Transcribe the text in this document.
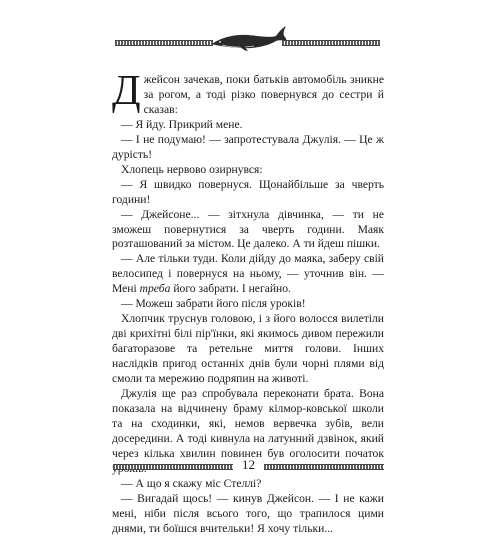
Джейсон зачекав, поки батьків автомобіль зникне за рогом, а тоді різко повернувся до сестри й сказав:

— Я йду. Прикрий мене.

— І не подумаю! — запротестувала Джулія. — Це ж дурість!

Хлопець нервово озирнувся:

— Я швидко повернуся. Щонайбільше за чверть години!

— Джейсоне... — зітхнула дівчинка, — ти не зможеш повернутися за чверть години. Маяк розташований за містом. Це далеко. А ти йдеш пішки.

— Але тільки туди. Коли дійду до маяка, заберу свій велосипед і повернуся на ньому, — уточнив він. — Мені треба його забрати. І негайно.

— Можеш забрати його після уроків!

Хлопчик труснув головою, і з його волосся вилетіли дві крихітні білі пір'їнки, які якимось дивом пережили багаторазове та ретельне миття голови. Інших наслідків пригод останніх днів були чорні плями від смоли та мережию подряпин на животі.

Джулія ще раз спробувала переконати брата. Вона показала на відчинену браму кілмор-ковської школи та на сходинки, які, немов вервечка зубів, вели досередини. А тоді кивнула на латунний дзвінок, який через кілька хвилин повинен був оголосити початок

— А що я скажу міс Стеллі?

— Вигадай щось! — кинув Джейсон. — І не кажи мені, ніби після всього того, що трапилося цими днями, ти боїшся вчительки! Я хочу тільки...

12
